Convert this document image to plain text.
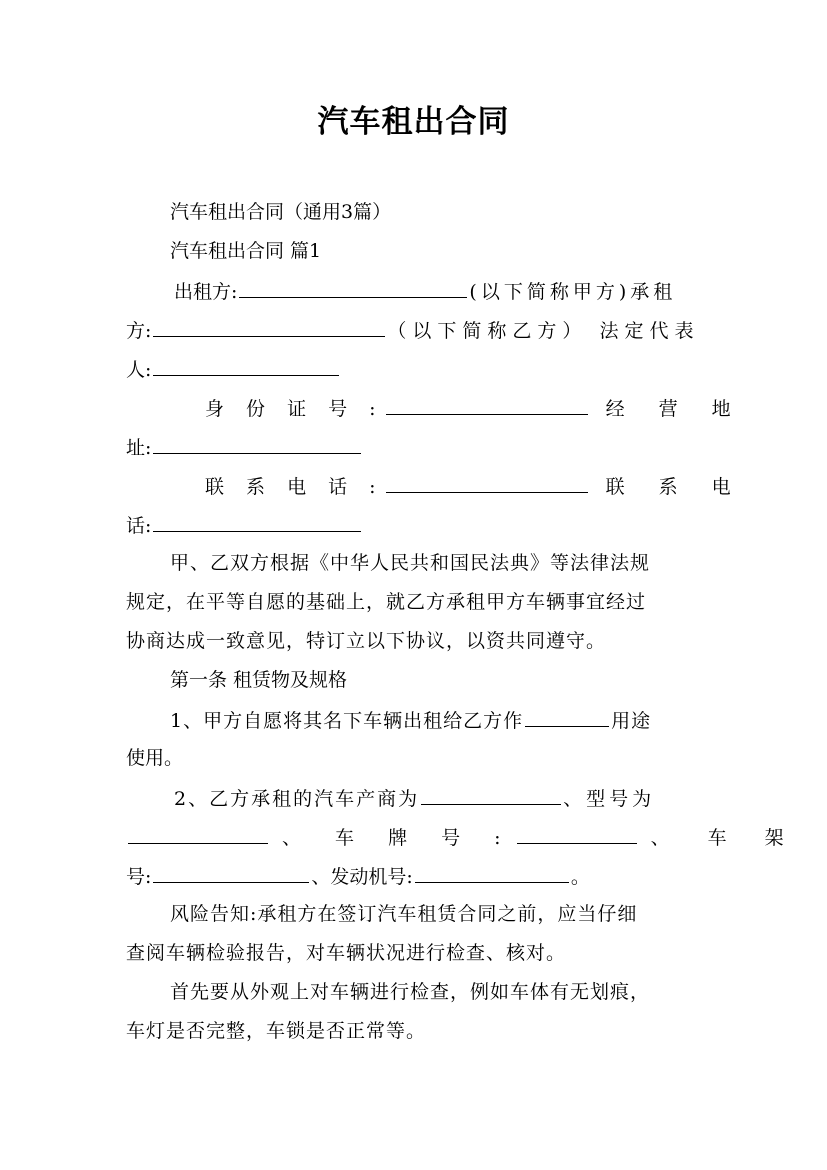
汽车租出合同
汽车租出合同（通用3篇）
汽车租出合同 篇1
出租方:	(以下简称甲方)承租
方:	（以下简称乙方） 法定代表
人:
身 份 证 号 :	经 营 地
址:
联 系 电 话 :	联 系 电
话:
甲、乙双方根据《中华人民共和国民法典》等法律法规
规定，在平等自愿的基础上，就乙方承租甲方车辆事宜经过
协商达成一致意见，特订立以下协议，以资共同遵守。
第一条 租赁物及规格
1、甲方自愿将其名下车辆出租给乙方作	用途
使用。
2、乙方承租的汽车产商为	、型号为
、 车 牌 号 :	、 车 架
号:	、发动机号:	。
风险告知:承租方在签订汽车租赁合同之前，应当仔细
查阅车辆检验报告，对车辆状况进行检查、核对。
首先要从外观上对车辆进行检查，例如车体有无划痕，
车灯是否完整，车锁是否正常等。
